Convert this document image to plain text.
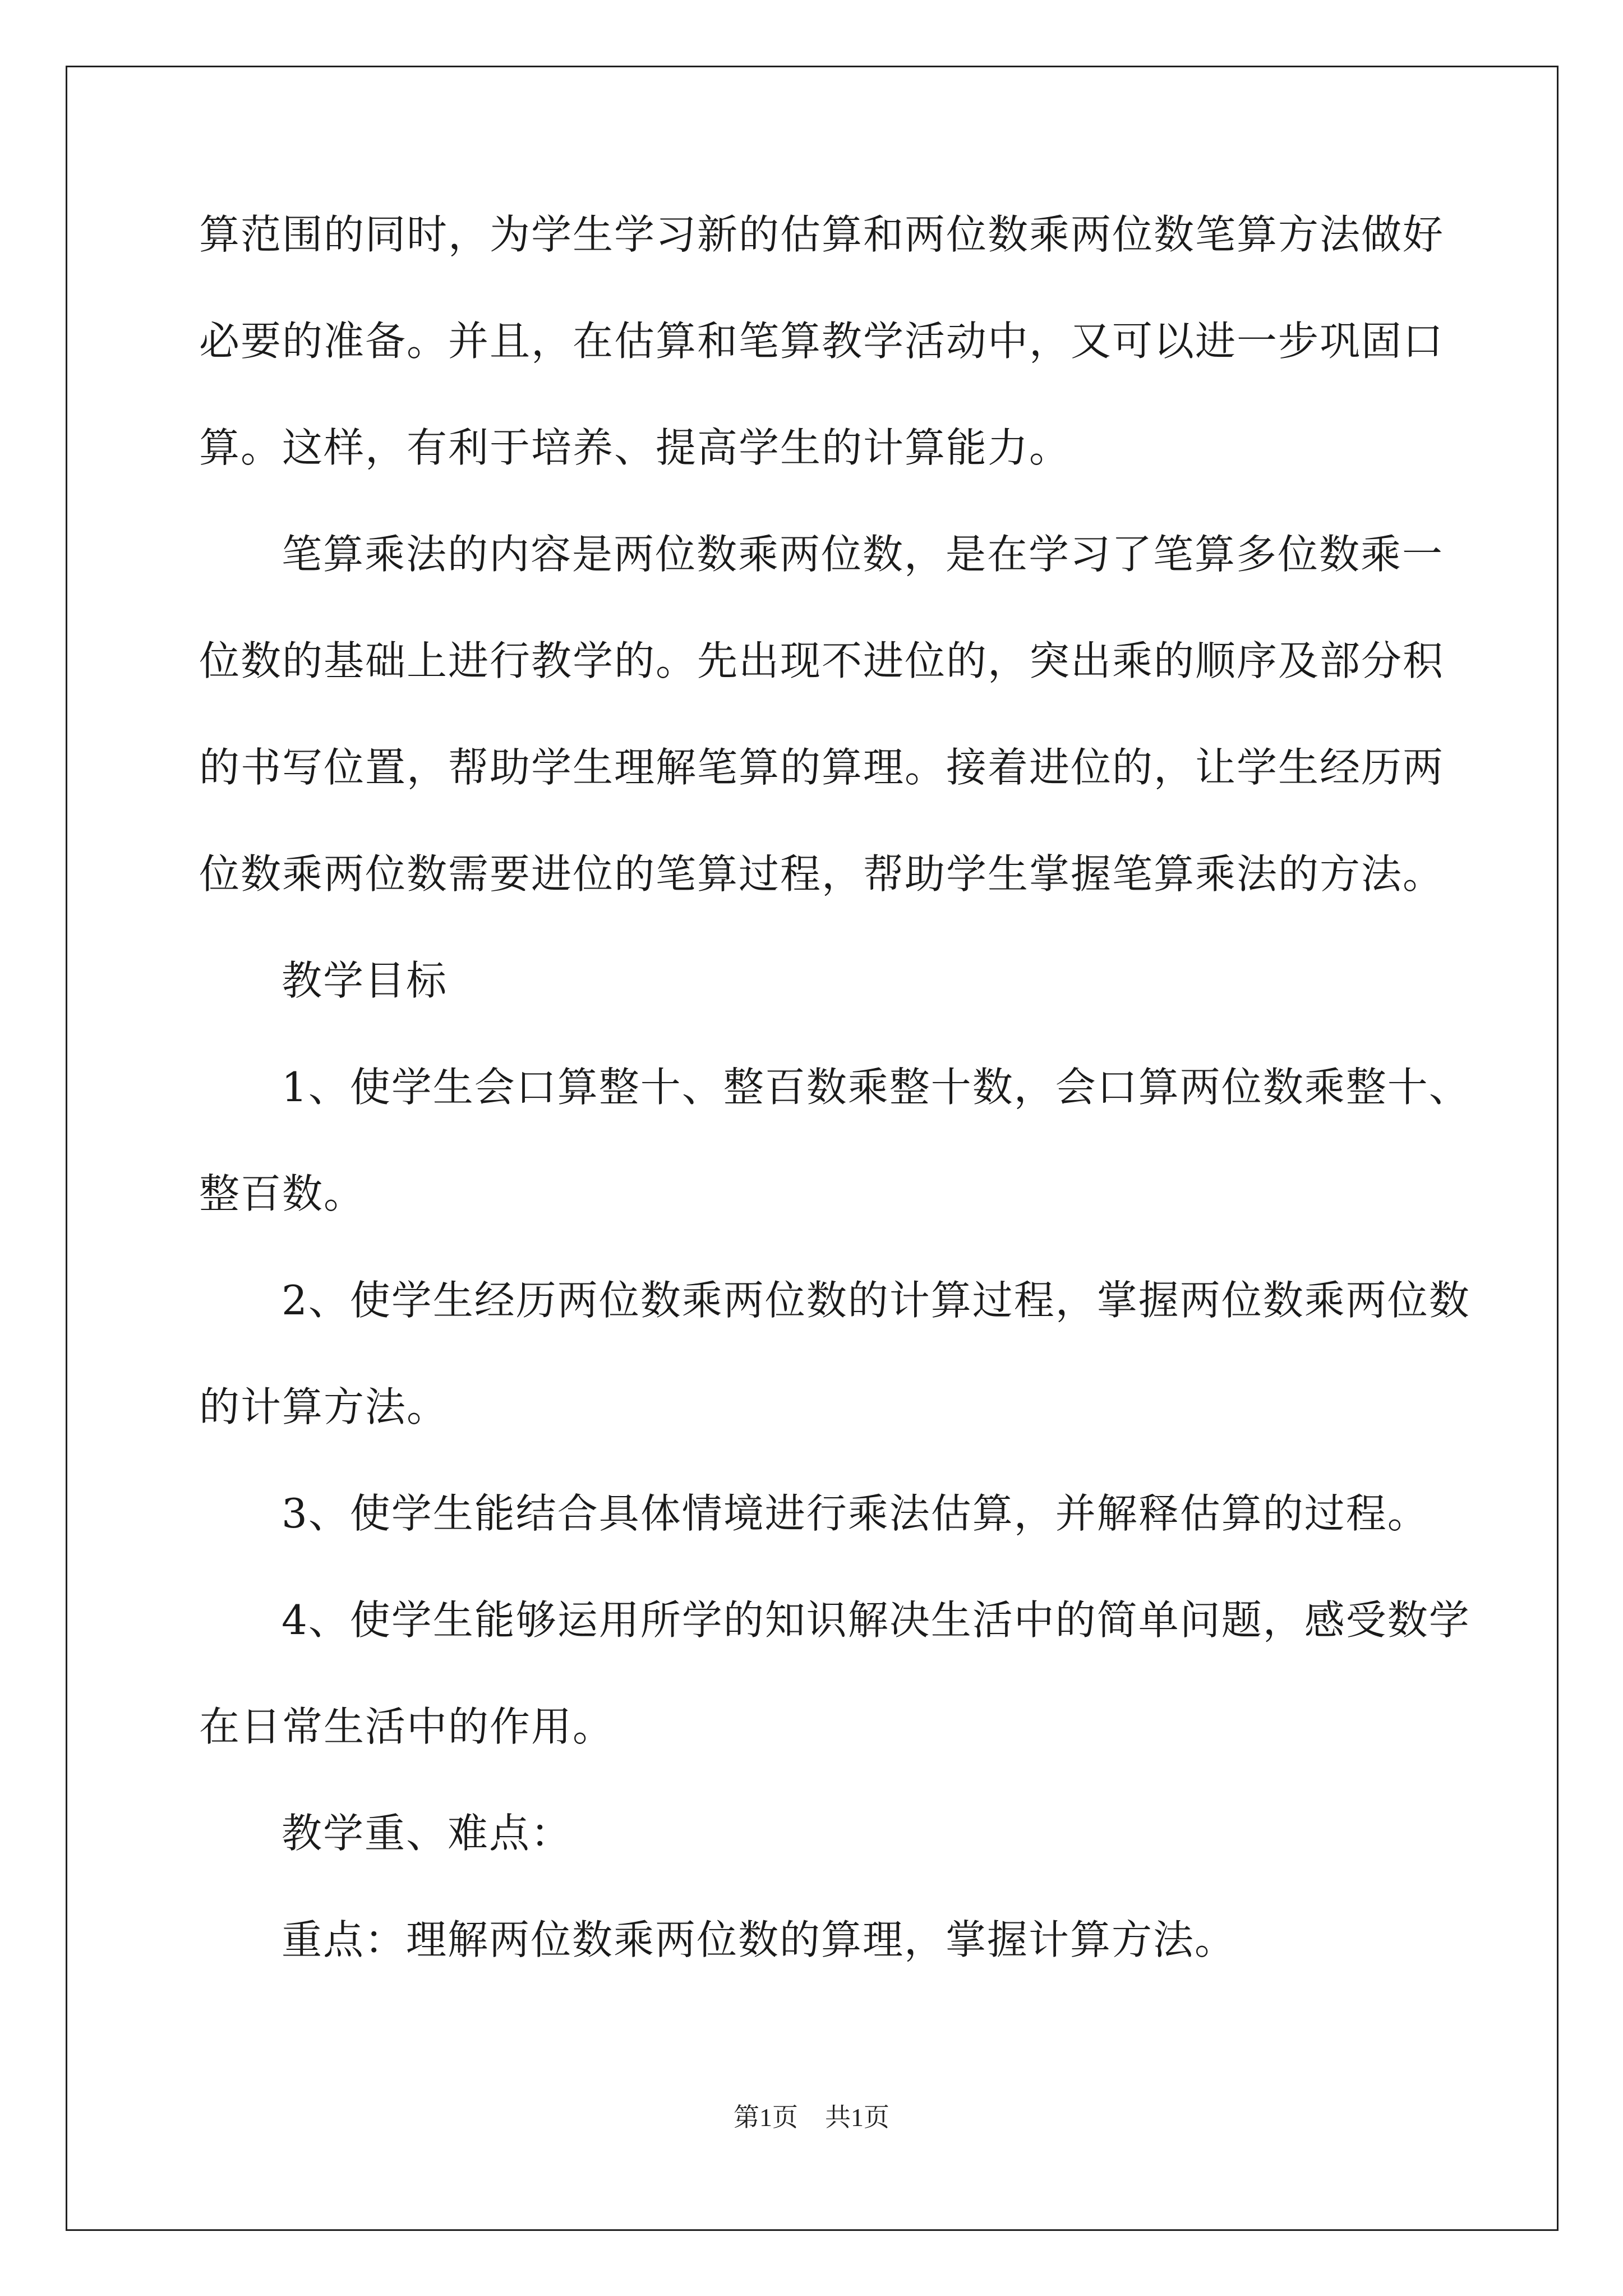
算范围的同时，为学生学习新的估算和两位数乘两位数笔算方法做好
必要的准备。并且，在估算和笔算教学活动中，又可以进一步巩固口
算。这样，有利于培养、提高学生的计算能力。
笔算乘法的内容是两位数乘两位数，是在学习了笔算多位数乘一
位数的基础上进行教学的。先出现不进位的，突出乘的顺序及部分积
的书写位置，帮助学生理解笔算的算理。接着进位的，让学生经历两
位数乘两位数需要进位的笔算过程，帮助学生掌握笔算乘法的方法。
教学目标
1、使学生会口算整十、整百数乘整十数，会口算两位数乘整十、
整百数。
2、使学生经历两位数乘两位数的计算过程，掌握两位数乘两位数
的计算方法。
3、使学生能结合具体情境进行乘法估算，并解释估算的过程。
4、使学生能够运用所学的知识解决生活中的简单问题，感受数学
在日常生活中的作用。
教学重、难点：
重点：理解两位数乘两位数的算理，掌握计算方法。
第1页 共1页
